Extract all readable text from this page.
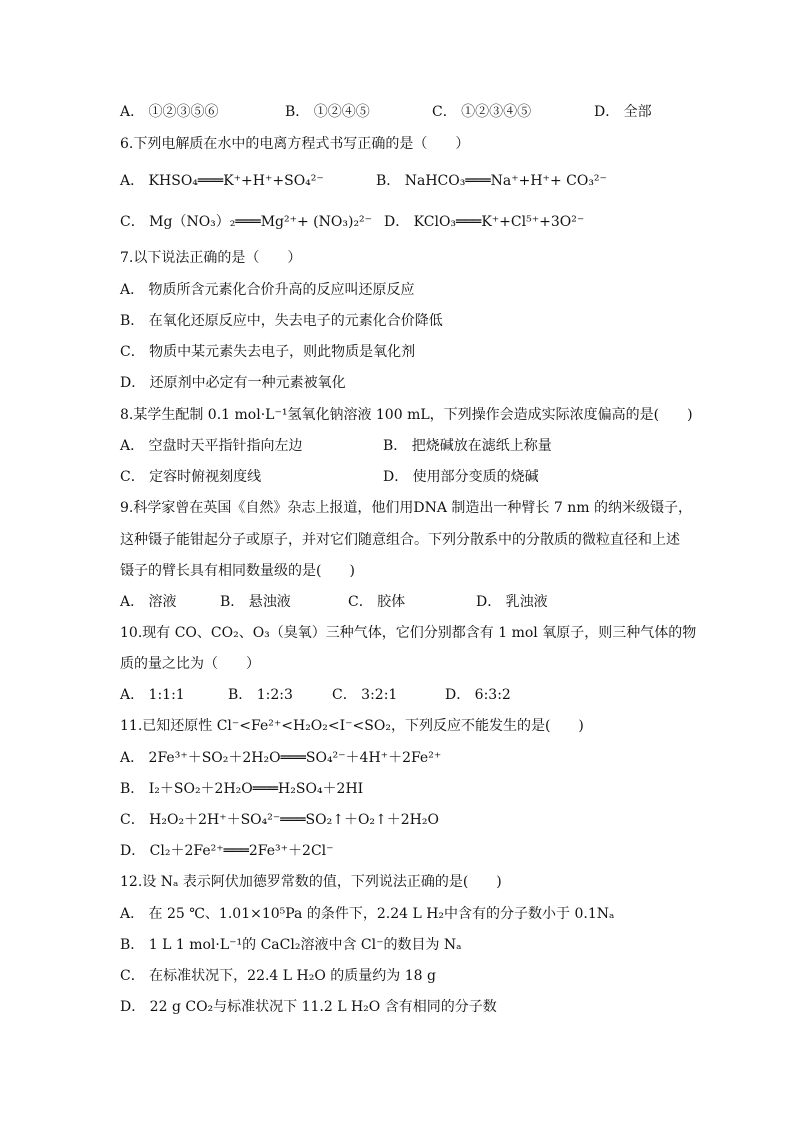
A． ①②③⑤⑥	B． ①②④⑤	C． ①②③④⑤	D． 全部
6.下列电解质在水中的电离方程式书写正确的是（　　）
A． KHSO₄═══K⁺+H⁺+SO₄²⁻	B． NaHCO₃═══Na⁺+H⁺+ CO₃²⁻
C． Mg（NO₃）₂═══Mg²⁺+ (NO₃)₂²⁻ D． KClO₃═══K⁺+Cl⁵⁺+3O²⁻
7.以下说法正确的是（　　）
A． 物质所含元素化合价升高的反应叫还原反应
B． 在氧化还原反应中，失去电子的元素化合价降低
C． 物质中某元素失去电子，则此物质是氧化剂
D． 还原剂中必定有一种元素被氧化
8.某学生配制 0.1 mol·L⁻¹氢氧化钠溶液 100 mL，下列操作会造成实际浓度偏高的是(　　)
A． 空盘时天平指针指向左边	B． 把烧碱放在滤纸上称量
C． 定容时俯视刻度线	D． 使用部分变质的烧碱
9.科学家曾在英国《自然》杂志上报道，他们用DNA 制造出一种臂长 7 nm 的纳米级镊子，
这种镊子能钳起分子或原子，并对它们随意组合。下列分散系中的分散质的微粒直径和上述
镊子的臂长具有相同数量级的是(　　)
A． 溶液	B． 悬浊液	C． 胶体	D． 乳浊液
10.现有 CO、CO₂、O₃（臭氧）三种气体，它们分别都含有 1 mol 氧原子，则三种气体的物
质的量之比为（　　）
A． 1:1:1	B． 1:2:3	C． 3:2:1	D． 6:3:2
11.已知还原性 Cl⁻<Fe²⁺<H₂O₂<I⁻<SO₂，下列反应不能发生的是(　　)
A． 2Fe³⁺＋SO₂＋2H₂O═══SO₄²⁻＋4H⁺＋2Fe²⁺
B． I₂＋SO₂＋2H₂O═══H₂SO₄＋2HI
C． H₂O₂＋2H⁺＋SO₄²⁻═══SO₂↑＋O₂↑＋2H₂O
D． Cl₂＋2Fe²⁺═══2Fe³⁺＋2Cl⁻
12.设 Nₐ 表示阿伏加德罗常数的值，下列说法正确的是(　　)
A． 在 25 ℃、1.01×10⁵Pa 的条件下，2.24 L H₂中含有的分子数小于 0.1Nₐ
B． 1 L 1 mol·L⁻¹的 CaCl₂溶液中含 Cl⁻的数目为 Nₐ
C． 在标准状况下，22.4 L H₂O 的质量约为 18 g
D． 22 g CO₂与标准状况下 11.2 L H₂O 含有相同的分子数
